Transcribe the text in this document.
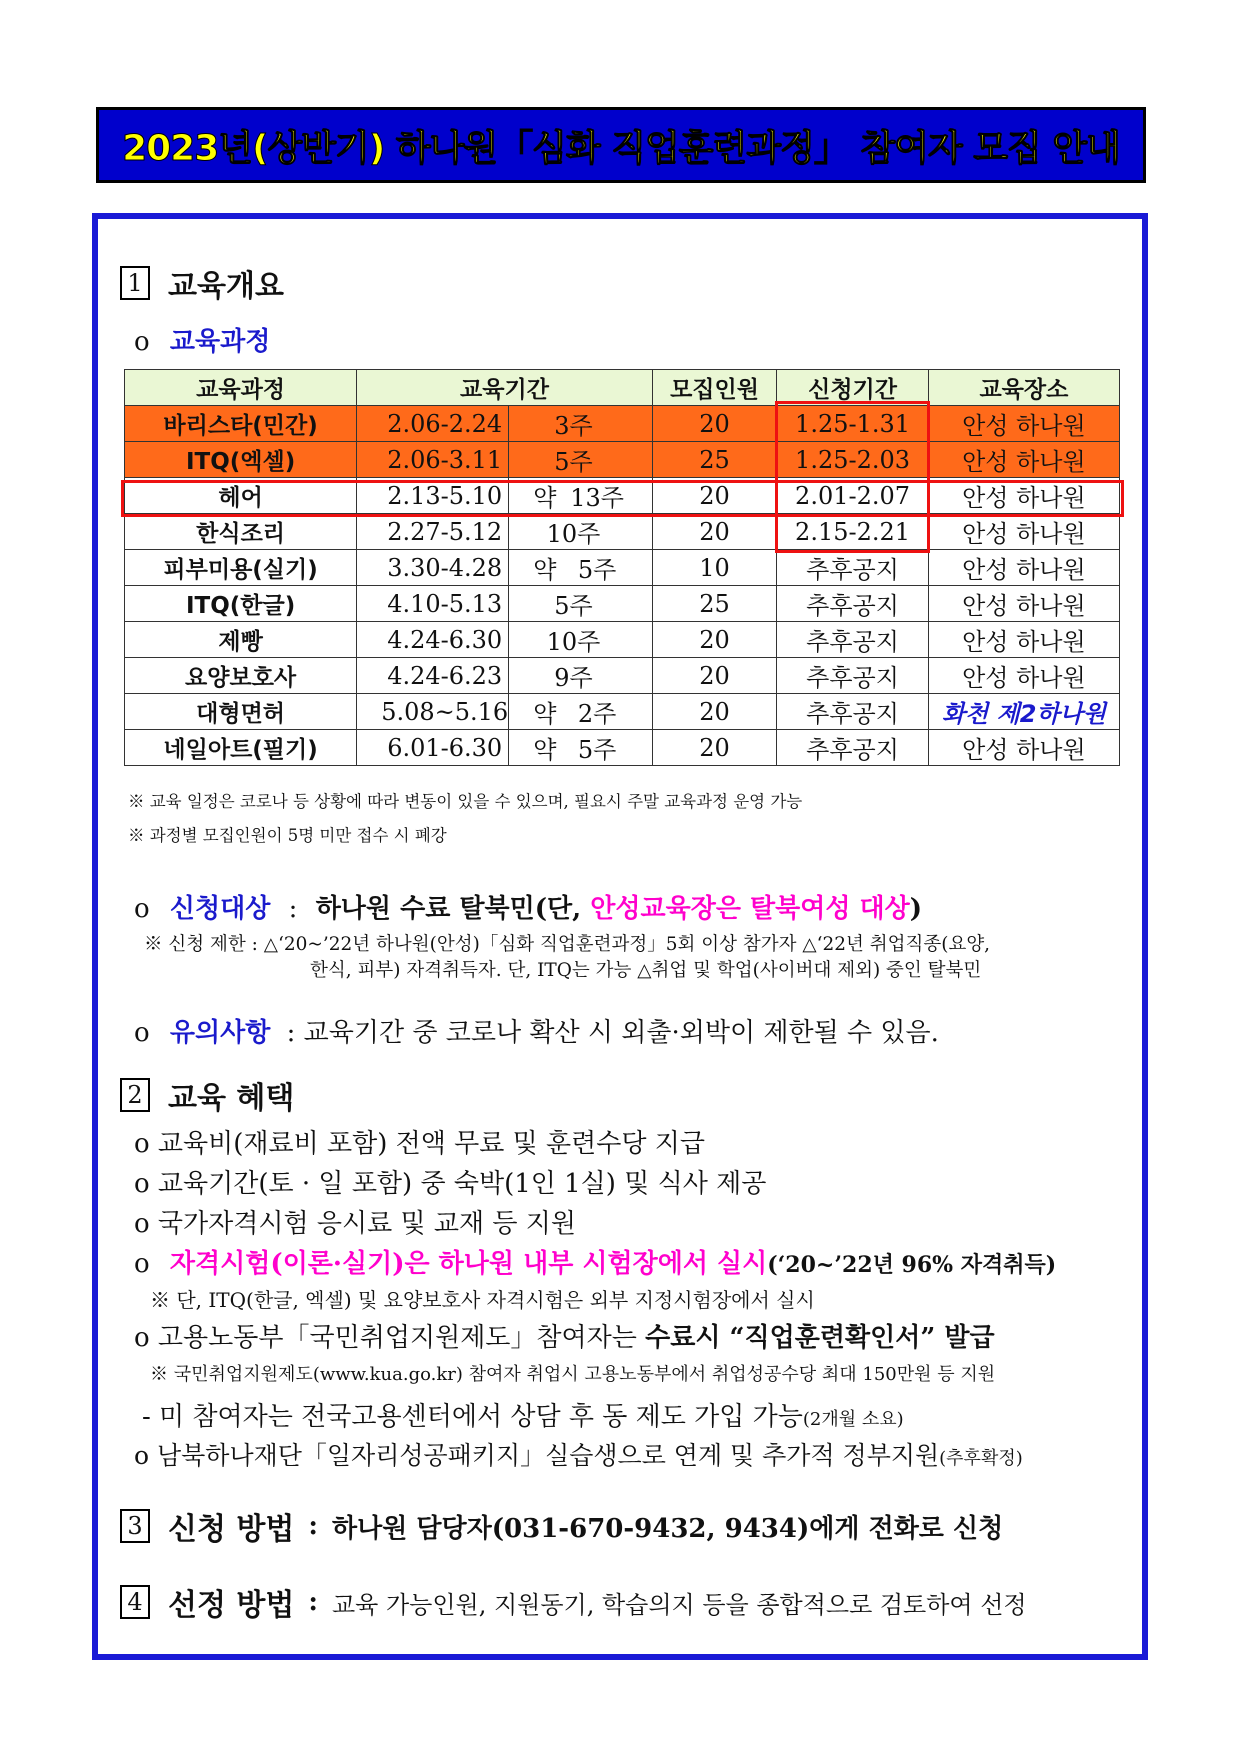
2023년(상반기) 하나원「심화 직업훈련과정」 참여자 모집 안내
1 교육개요
o 교육과정
교육과정	교육기간		모집인원	신청기간	교육장소
바리스타(민간)	2.06-2.24	3주	20	1.25-1.31	안성 하나원
ITQ(엑셀)	2.06-3.11	5주	25	1.25-2.03	안성 하나원
헤어	2.13-5.10	약 13주	20	2.01-2.07	안성 하나원
한식조리	2.27-5.12	10주	20	2.15-2.21	안성 하나원
피부미용(실기)	3.30-4.28	약 5주	10	추후공지	안성 하나원
ITQ(한글)	4.10-5.13	5주	25	추후공지	안성 하나원
제빵	4.24-6.30	10주	20	추후공지	안성 하나원
요양보호사	4.24-6.23	9주	20	추후공지	안성 하나원
대형면허	5.08~5.16	약 2주	20	추후공지	화천 제2하나원
네일아트(필기)	6.01-6.30	약 5주	20	추후공지	안성 하나원
※ 교육 일정은 코로나 등 상황에 따라 변동이 있을 수 있으며, 필요시 주말 교육과정 운영 가능
※ 과정별 모집인원이 5명 미만 접수 시 폐강
o 신청대상 : 하나원 수료 탈북민(단, 안성교육장은 탈북여성 대상)
※ 신청 제한 : △‘20~’22년 하나원(안성)「심화 직업훈련과정」5회 이상 참가자 △‘22년 취업직종(요양,
한식, 피부) 자격취득자. 단, ITQ는 가능 △취업 및 학업(사이버대 제외) 중인 탈북민
o 유의사항 : 교육기간 중 코로나 확산 시 외출·외박이 제한될 수 있음.
2 교육 혜택
o 교육비(재료비 포함) 전액 무료 및 훈련수당 지급
o 교육기간(토 · 일 포함) 중 숙박(1인 1실) 및 식사 제공
o 국가자격시험 응시료 및 교재 등 지원
o 자격시험(이론·실기)은 하나원 내부 시험장에서 실시(‘20~’22년 96% 자격취득)
※ 단, ITQ(한글, 엑셀) 및 요양보호사 자격시험은 외부 지정시험장에서 실시
o 고용노동부「국민취업지원제도」참여자는 수료시 “직업훈련확인서” 발급
※ 국민취업지원제도(www.kua.go.kr) 참여자 취업시 고용노동부에서 취업성공수당 최대 150만원 등 지원
- 미 참여자는 전국고용센터에서 상담 후 동 제도 가입 가능(2개월 소요)
o 남북하나재단「일자리성공패키지」실습생으로 연계 및 추가적 정부지원(추후확정)
3 신청 방법 : 하나원 담당자(031-670-9432, 9434)에게 전화로 신청
4 선정 방법 : 교육 가능인원, 지원동기, 학습의지 등을 종합적으로 검토하여 선정
